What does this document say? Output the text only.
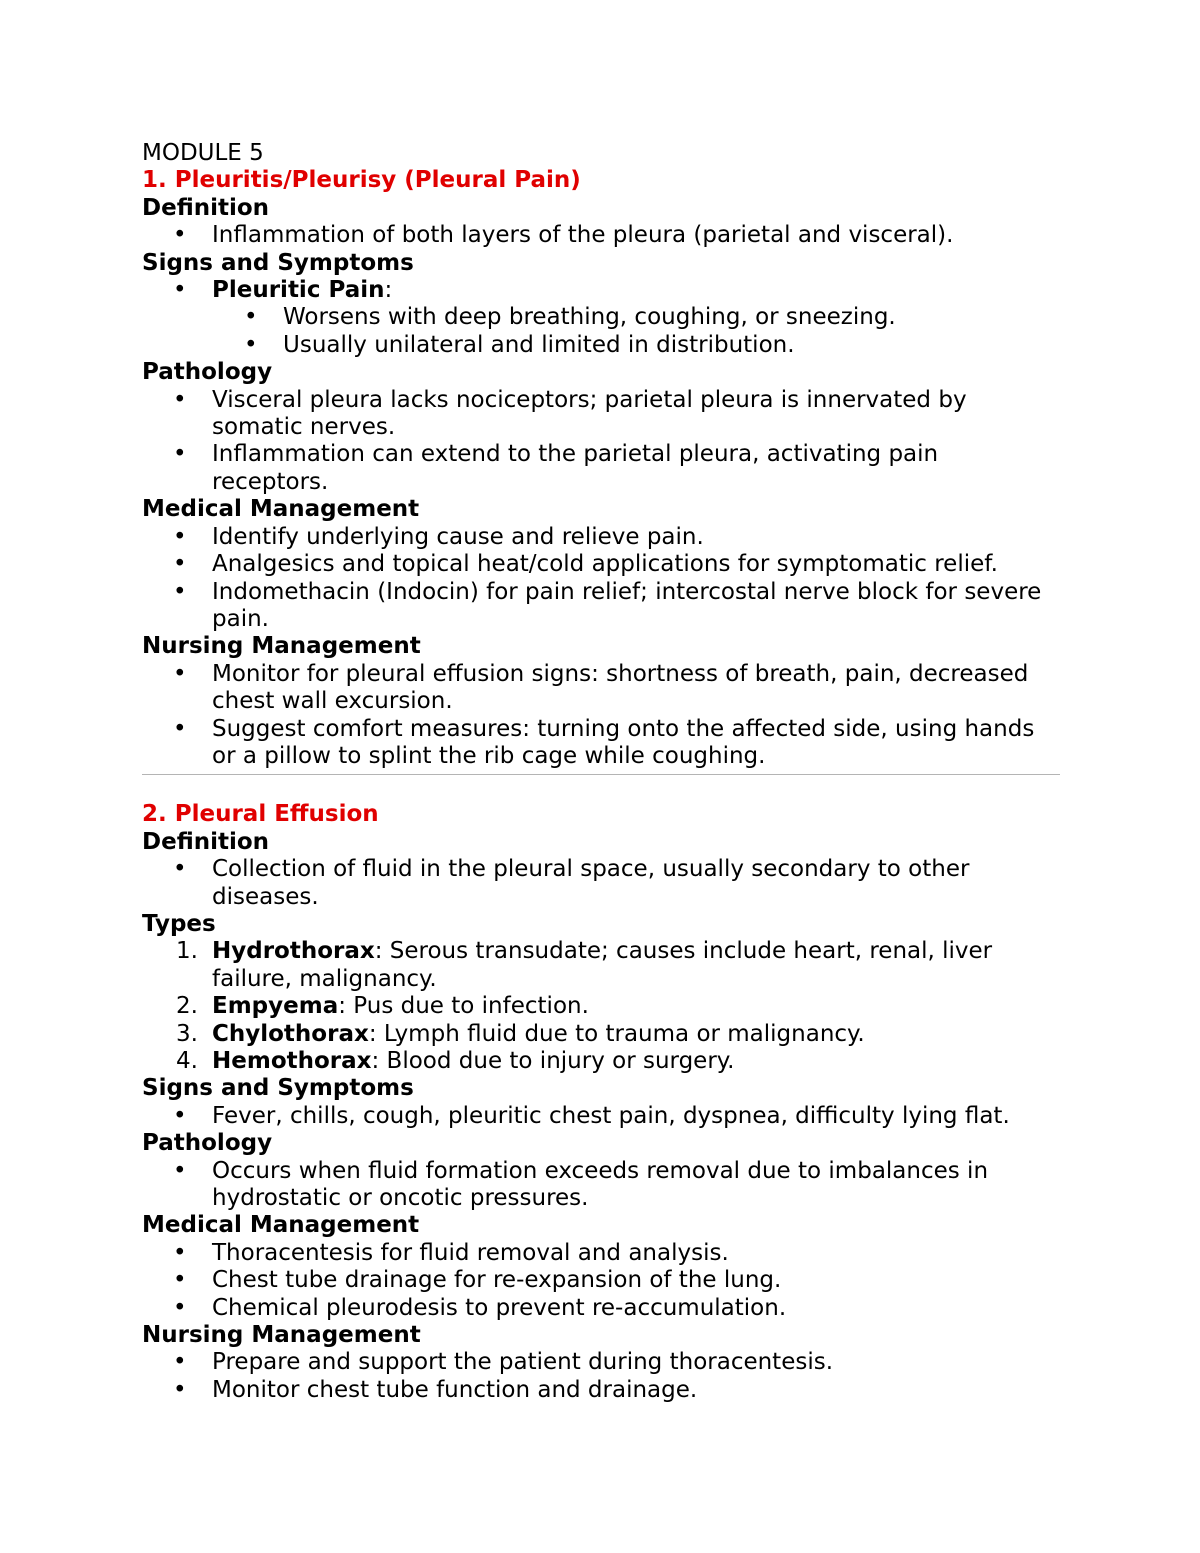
MODULE 5
1. Pleuritis/Pleurisy (Pleural Pain)
Definition
• Inflammation of both layers of the pleura (parietal and visceral).
Signs and Symptoms
• Pleuritic Pain:
• Worsens with deep breathing, coughing, or sneezing.
• Usually unilateral and limited in distribution.
Pathology
• Visceral pleura lacks nociceptors; parietal pleura is innervated by somatic nerves.
• Inflammation can extend to the parietal pleura, activating pain receptors.
Medical Management
• Identify underlying cause and relieve pain.
• Analgesics and topical heat/cold applications for symptomatic relief.
• Indomethacin (Indocin) for pain relief; intercostal nerve block for severe pain.
Nursing Management
• Monitor for pleural effusion signs: shortness of breath, pain, decreased chest wall excursion.
• Suggest comfort measures: turning onto the affected side, using hands or a pillow to splint the rib cage while coughing.
2. Pleural Effusion
Definition
• Collection of fluid in the pleural space, usually secondary to other diseases.
Types
1. Hydrothorax: Serous transudate; causes include heart, renal, liver failure, malignancy.
2. Empyema: Pus due to infection.
3. Chylothorax: Lymph fluid due to trauma or malignancy.
4. Hemothorax: Blood due to injury or surgery.
Signs and Symptoms
• Fever, chills, cough, pleuritic chest pain, dyspnea, difficulty lying flat.
Pathology
• Occurs when fluid formation exceeds removal due to imbalances in hydrostatic or oncotic pressures.
Medical Management
• Thoracentesis for fluid removal and analysis.
• Chest tube drainage for re-expansion of the lung.
• Chemical pleurodesis to prevent re-accumulation.
Nursing Management
• Prepare and support the patient during thoracentesis.
• Monitor chest tube function and drainage.
